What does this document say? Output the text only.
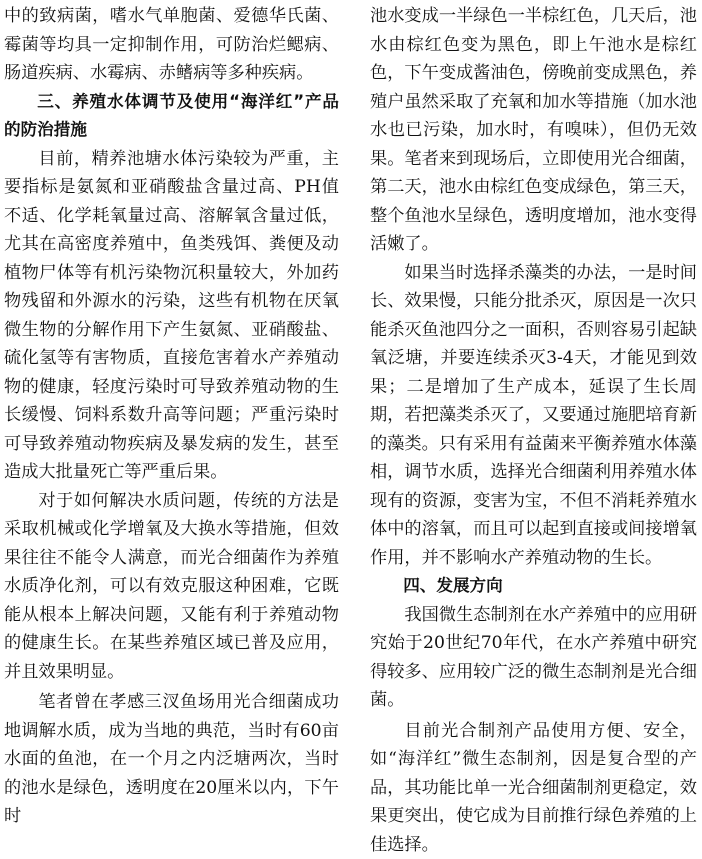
中的致病菌，嗜水气单胞菌、爱德华氏菌、霉菌等均具一定抑制作用，可防治烂鳃病、肠道疾病、水霉病、赤鳍病等多种疾病。

三、养殖水体调节及使用“海洋红”产品的防治措施

目前，精养池塘水体污染较为严重，主要指标是氨氮和亚硝酸盐含量过高、PH值不适、化学耗氧量过高、溶解氧含量过低，尤其在高密度养殖中，鱼类残饵、粪便及动植物尸体等有机污染物沉积量较大，外加药物残留和外源水的污染，这些有机物在厌氧微生物的分解作用下产生氨氮、亚硝酸盐、硫化氢等有害物质，直接危害着水产养殖动物的健康，轻度污染时可导致养殖动物的生长缓慢、饲料系数升高等问题；严重污染时可导致养殖动物疾病及暴发病的发生，甚至造成大批量死亡等严重后果。

对于如何解决水质问题，传统的方法是采取机械或化学增氧及大换水等措施，但效果往往不能令人满意，而光合细菌作为养殖水质净化剂，可以有效克服这种困难，它既能从根本上解决问题，又能有利于养殖动物的健康生长。在某些养殖区域已普及应用，并且效果明显。

笔者曾在孝感三汊鱼场用光合细菌成功地调解水质，成为当地的典范，当时有60亩水面的鱼池，在一个月之内泛塘两次，当时的池水是绿色，透明度在20厘米以内，下午时

池水变成一半绿色一半棕红色，几天后，池水由棕红色变为黑色，即上午池水是棕红色，下午变成酱油色，傍晚前变成黑色，养殖户虽然采取了充氧和加水等措施（加水池水也已污染，加水时，有嗅味），但仍无效果。笔者来到现场后，立即使用光合细菌，第二天，池水由棕红色变成绿色，第三天，整个鱼池水呈绿色，透明度增加，池水变得活嫩了。

如果当时选择杀藻类的办法，一是时间长、效果慢，只能分批杀灭，原因是一次只能杀灭鱼池四分之一面积，否则容易引起缺氧泛塘，并要连续杀灭3-4天，才能见到效果；二是增加了生产成本，延误了生长周期，若把藻类杀灭了，又要通过施肥培育新的藻类。只有采用有益菌来平衡养殖水体藻相，调节水质，选择光合细菌利用养殖水体现有的资源，变害为宝，不但不消耗养殖水体中的溶氧，而且可以起到直接或间接增氧作用，并不影响水产养殖动物的生长。

四、发展方向

我国微生态制剂在水产养殖中的应用研究始于20世纪70年代，在水产养殖中研究得较多、应用较广泛的微生态制剂是光合细菌。

目前光合制剂产品使用方便、安全，如“海洋红”微生态制剂，因是复合型的产品，其功能比单一光合细菌制剂更稳定，效果更突出，使它成为目前推行绿色养殖的上佳选择。
